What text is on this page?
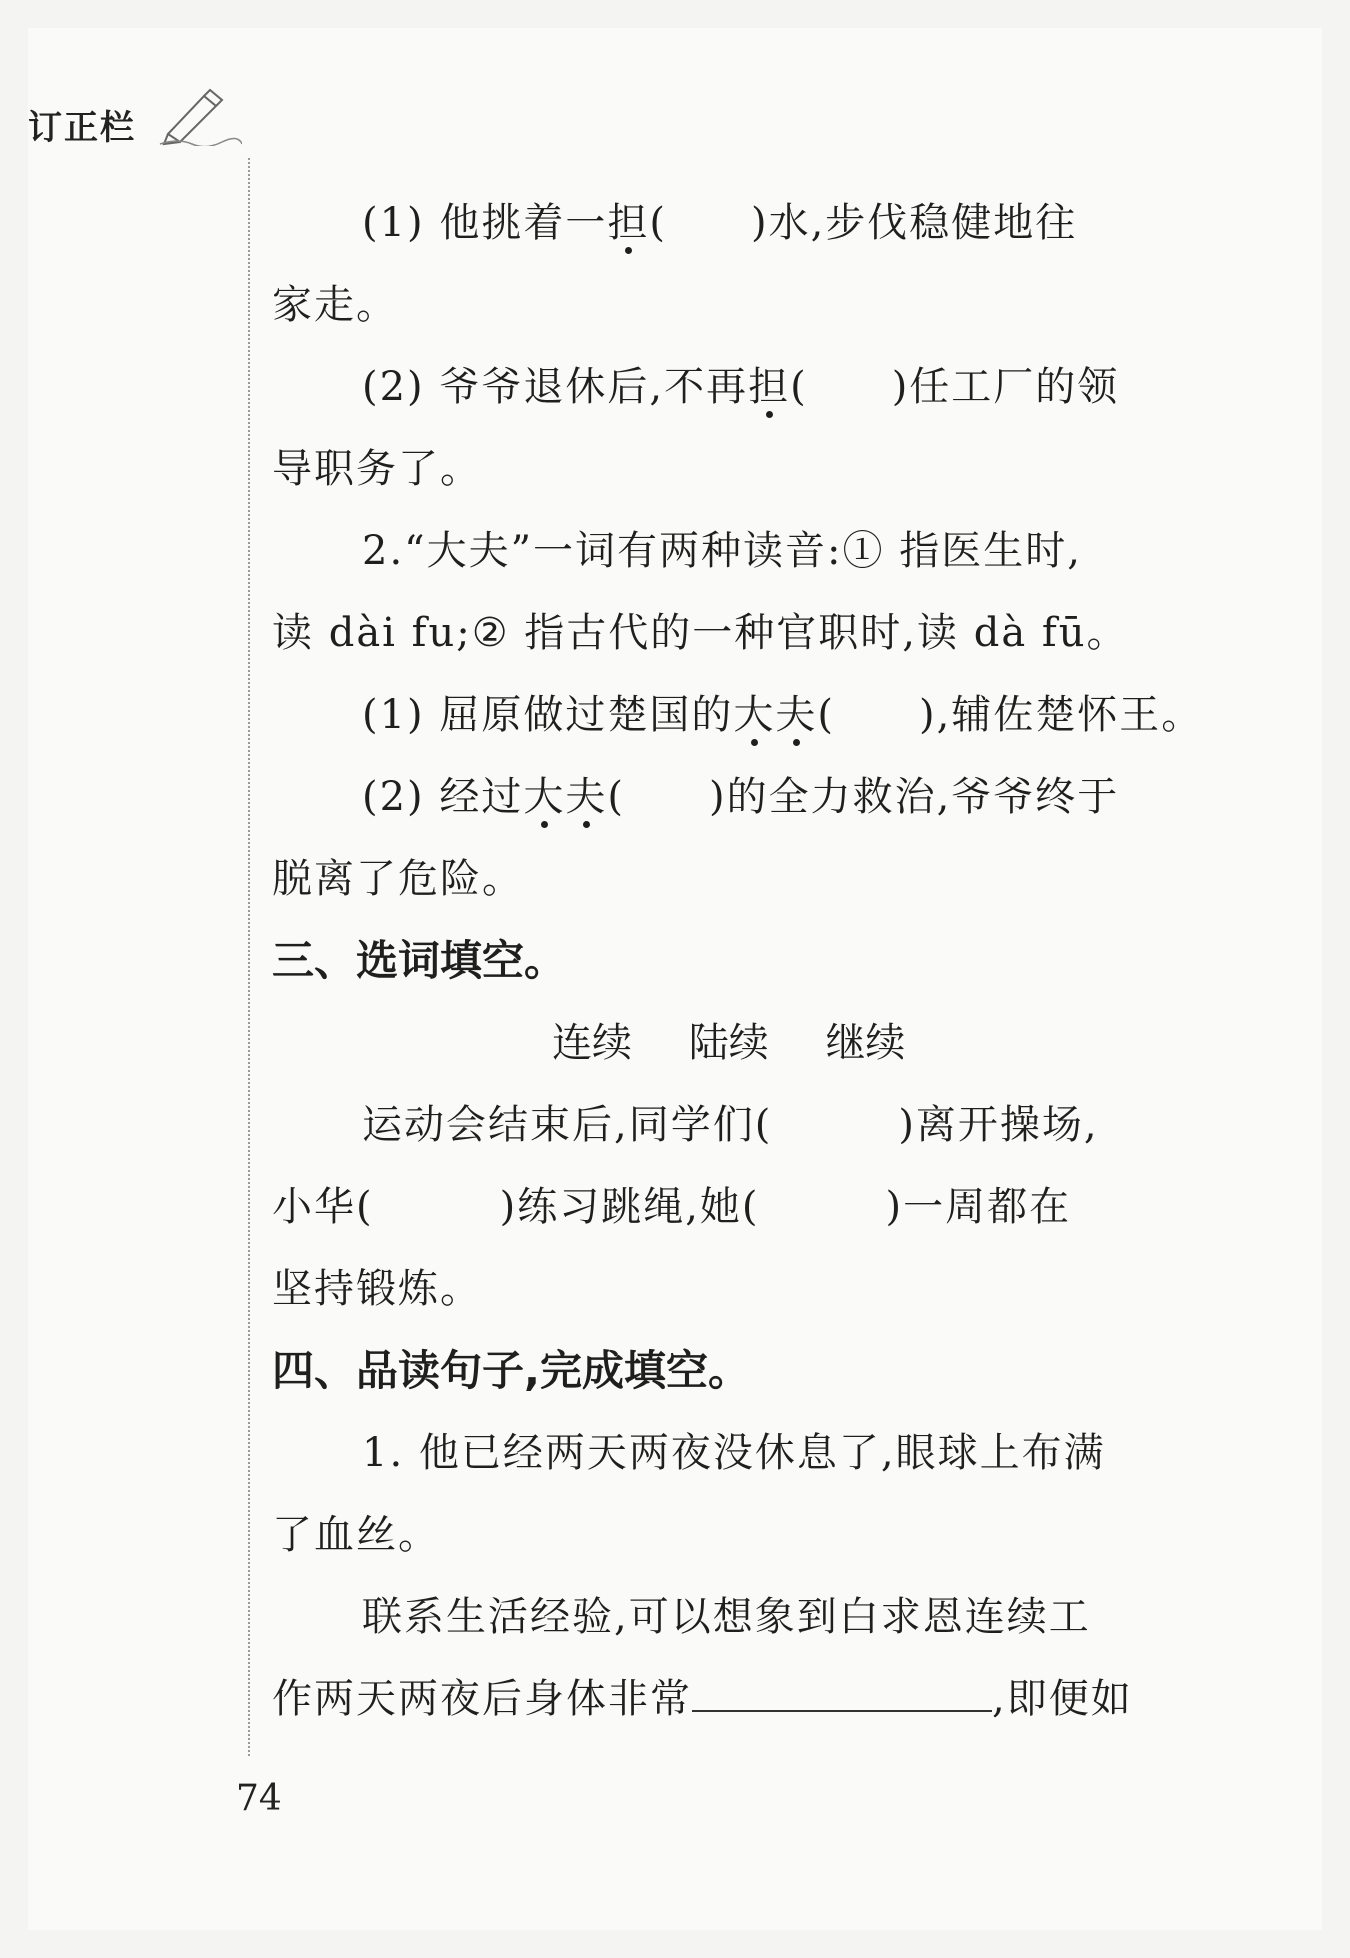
订正栏

(1) 他挑着一担(　　)水,步伐稳健地往

家走。

(2) 爷爷退休后,不再担(　　)任工厂的领

导职务了。

2.“大夫”一词有两种读音:① 指医生时,

读 dài fu;② 指古代的一种官职时,读 dà fū。

(1) 屈原做过楚国的大夫(　　),辅佐楚怀王。

(2) 经过大夫(　　)的全力救治,爷爷终于

脱离了危险。

三、选词填空。

连续 陆续 继续

运动会结束后,同学们(　　　)离开操场,

小华(　　　)练习跳绳,她(　　　)一周都在

坚持锻炼。

四、品读句子,完成填空。

1. 他已经两天两夜没休息了,眼球上布满

了血丝。

联系生活经验,可以想象到白求恩连续工

作两天两夜后身体非常	,即便如

74
